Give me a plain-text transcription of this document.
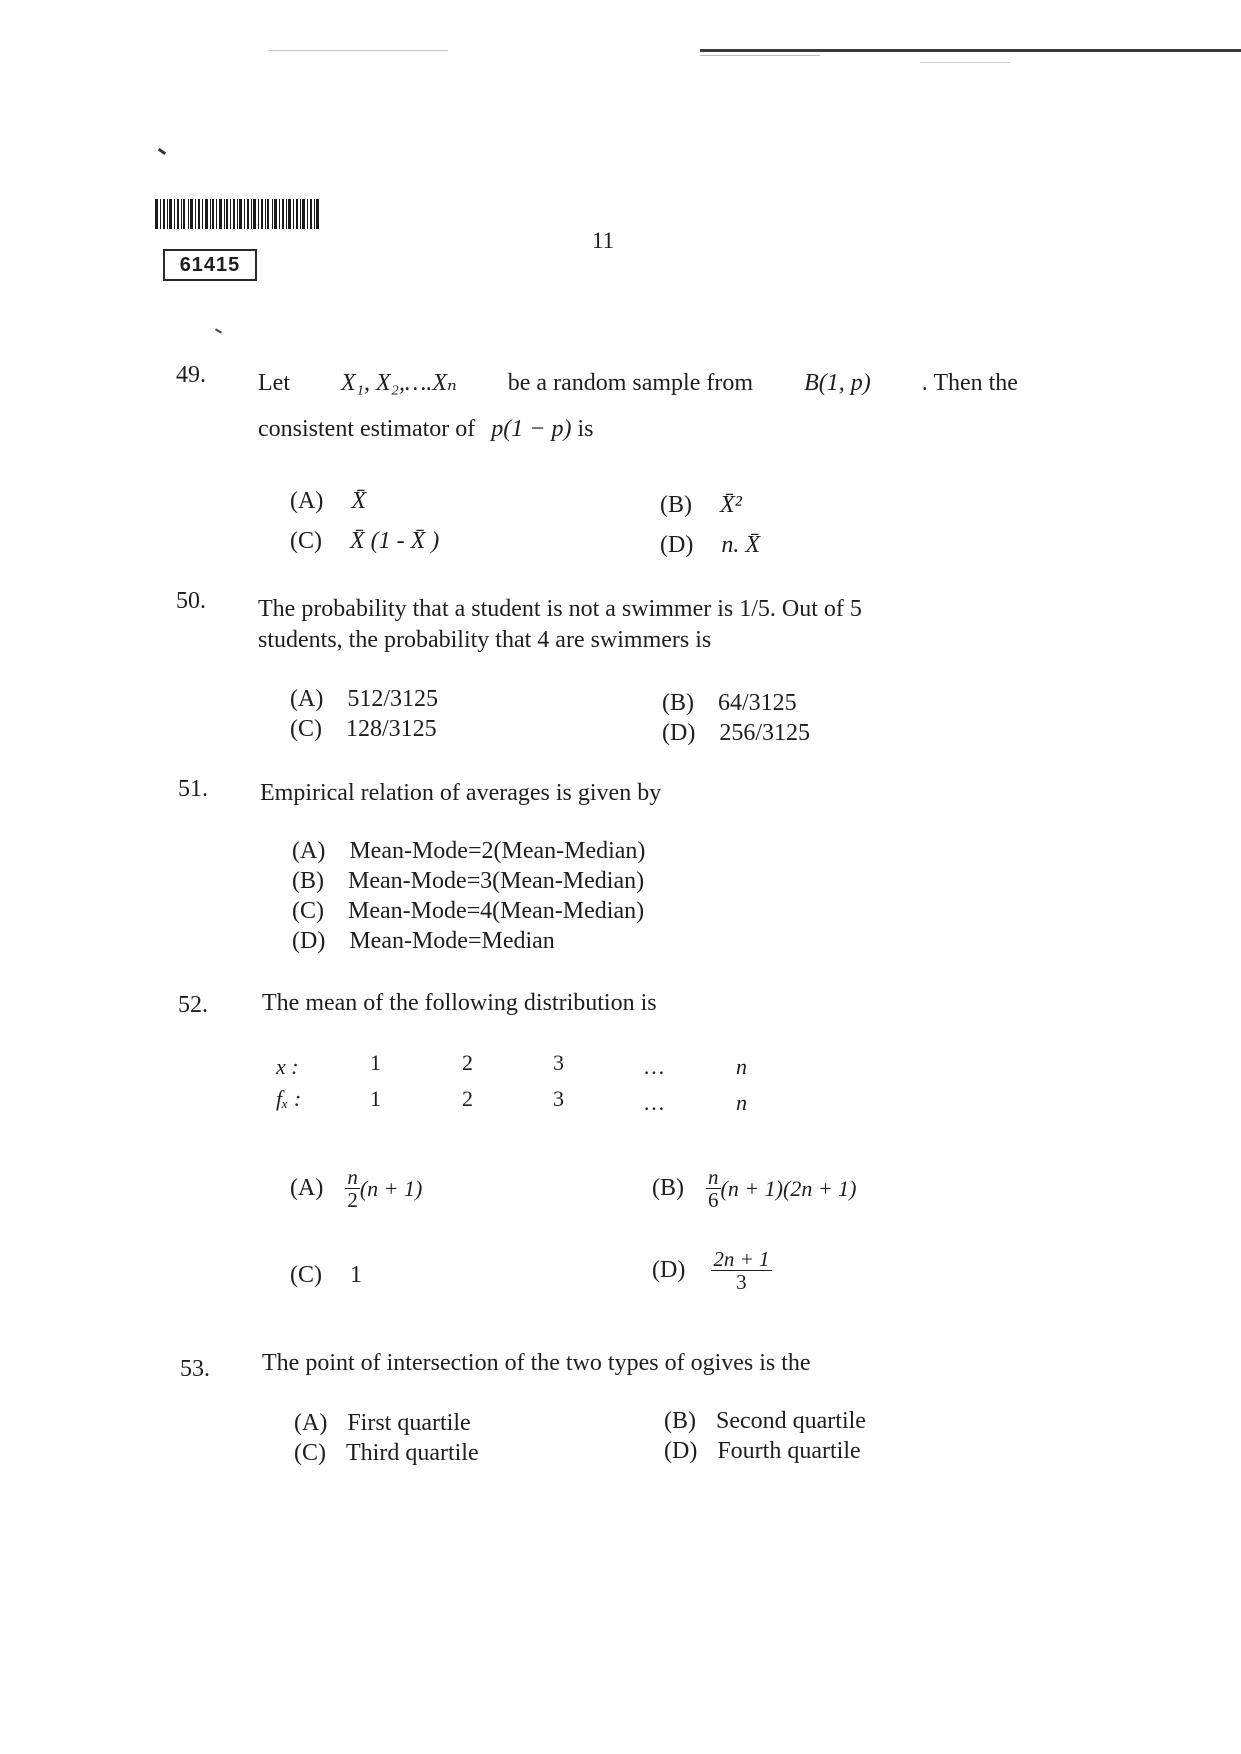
61415
11
49. Let X₁, X₂,….Xₙ be a random sample from B(1, p) . Then the
consistent estimator of p(1 − p) is
(A) X̄	(B) X̄²
(C) X̄ (1 - X̄ )	(D) n. X̄
50. The probability that a student is not a swimmer is 1/5. Out of 5
students, the probability that 4 are swimmers is
(A) 512/3125	(B) 64/3125
(C) 128/3125	(D) 256/3125
51. Empirical relation of averages is given by
(A) Mean-Mode=2(Mean-Median)
(B) Mean-Mode=3(Mean-Median)
(C) Mean-Mode=4(Mean-Median)
(D) Mean-Mode=Median
52. The mean of the following distribution is
x :	1	2	3	…	n
fₓ :	1	2	3	…	n
$(A) \frac{n}{2} (n + 1)$	$(B) \frac{n}{6} (n + 1)(2n + 1)$
(C) 1	$(D) \frac{2n + 1}{3}$
53. The point of intersection of the two types of ogives is the
(A) First quartile	(B) Second quartile
(C) Third quartile	(D) Fourth quartile
